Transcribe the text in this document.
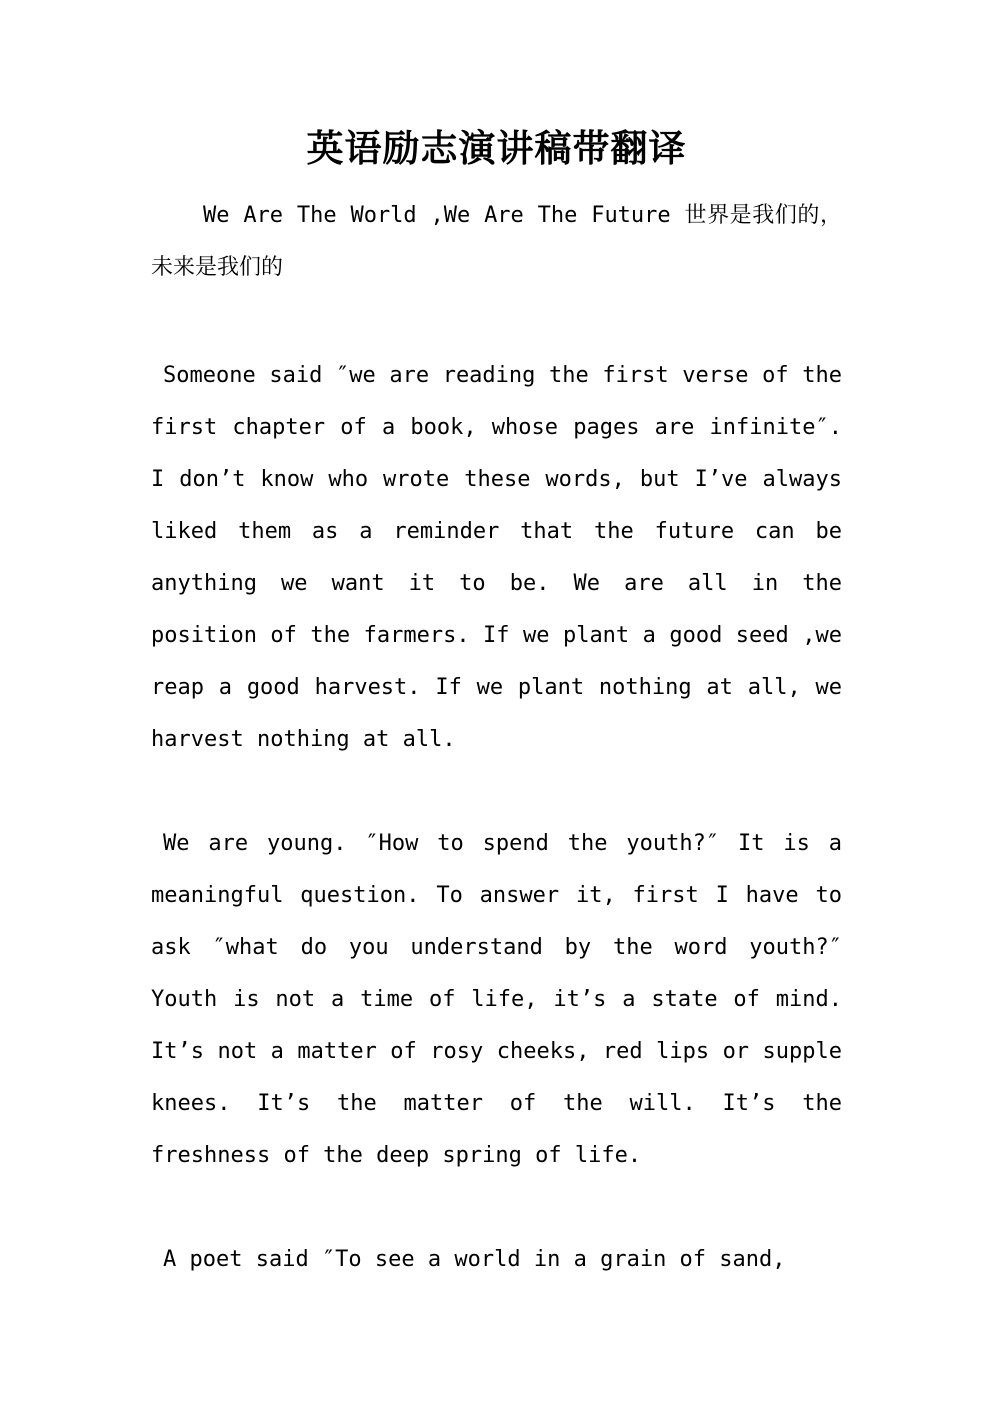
英语励志演讲稿带翻译

We Are The World ,We Are The Future 世界是我们的，未来是我们的

Someone said ″we are reading the first verse of the first chapter of a book, whose pages are infinite″. I don’t know who wrote these words, but I’ve always liked them as a reminder that the future can be anything we want it to be. We are all in the position of the farmers. If we plant a good seed ,we reap a good harvest. If we plant nothing at all, we harvest nothing at all.

We are young. ″How to spend the youth?″ It is a meaningful question. To answer it, first I have to ask ″what do you understand by the word youth?″ Youth is not a time of life, it’s a state of mind. It’s not a matter of rosy cheeks, red lips or supple knees. It’s the matter of the will. It’s the freshness of the deep spring of life.

A poet said ″To see a world in a grain of sand,
